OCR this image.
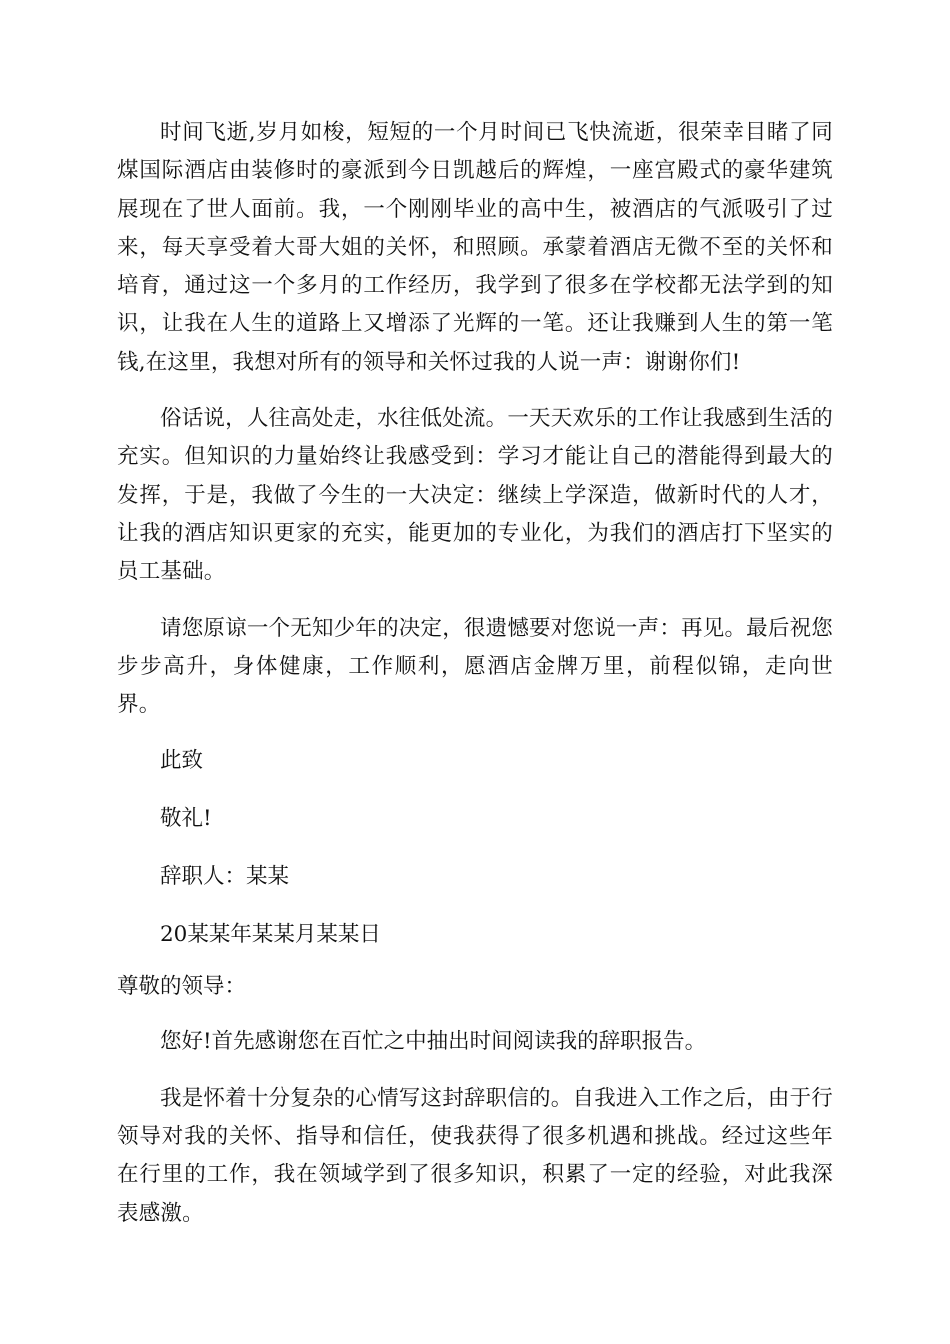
时间飞逝,岁月如梭，短短的一个月时间已飞快流逝，很荣幸目睹了同煤国际酒店由装修时的豪派到今日凯越后的辉煌，一座宫殿式的豪华建筑展现在了世人面前。我，一个刚刚毕业的高中生，被酒店的气派吸引了过来，每天享受着大哥大姐的关怀，和照顾。承蒙着酒店无微不至的关怀和培育，通过这一个多月的工作经历，我学到了很多在学校都无法学到的知识，让我在人生的道路上又增添了光辉的一笔。还让我赚到人生的第一笔钱,在这里，我想对所有的领导和关怀过我的人说一声：谢谢你们!

俗话说，人往高处走，水往低处流。一天天欢乐的工作让我感到生活的充实。但知识的力量始终让我感受到：学习才能让自己的潜能得到最大的发挥，于是，我做了今生的一大决定：继续上学深造，做新时代的人才，让我的酒店知识更家的充实，能更加的专业化，为我们的酒店打下坚实的员工基础。

请您原谅一个无知少年的决定，很遗憾要对您说一声：再见。最后祝您步步高升，身体健康，工作顺利，愿酒店金牌万里，前程似锦，走向世界。

此致

敬礼!

辞职人：某某

20某某年某某月某某日

尊敬的领导：

您好!首先感谢您在百忙之中抽出时间阅读我的辞职报告。

我是怀着十分复杂的心情写这封辞职信的。自我进入工作之后，由于行领导对我的关怀、指导和信任，使我获得了很多机遇和挑战。经过这些年在行里的工作，我在领域学到了很多知识，积累了一定的经验，对此我深表感激。
